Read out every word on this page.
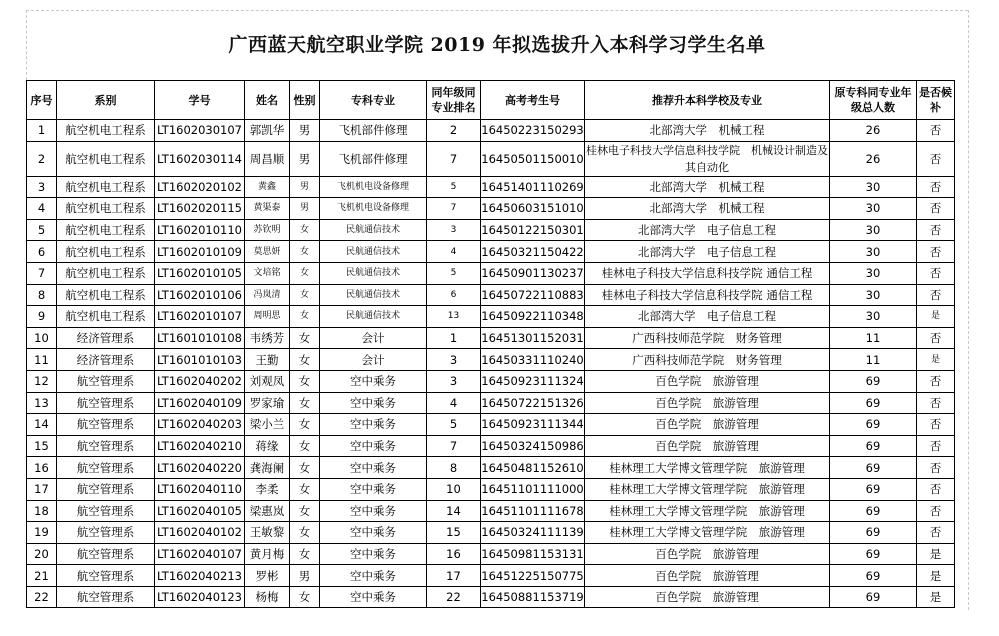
广西蓝天航空职业学院 2019 年拟选拔升入本科学习学生名单
序号	系别	学号	姓名	性别	专科专业	同年级同专业排名	高考考生号	推荐升本科学校及专业	原专科同专业年级总人数	是否候补
1	航空机电工程系	LT1602030107	郭凯华	男	飞机部件修理	2	16450223150293	北部湾大学　机械工程	26	否
2	航空机电工程系	LT1602030114	周昌顺	男	飞机部件修理	7	16450501150010	桂林电子科技大学信息科技学院　机械设计制造及其自动化	26	否
3	航空机电工程系	LT1602020102	黄鑫	男	飞机机电设备修理	5	16451401110269	北部湾大学　机械工程	30	否
4	航空机电工程系	LT1602020115	黄渠泰	男	飞机机电设备修理	7	16450603151010	北部湾大学　机械工程	30	否
5	航空机电工程系	LT1602010110	苏钦明	女	民航通信技术	3	16450122150301	北部湾大学　电子信息工程	30	否
6	航空机电工程系	LT1602010109	莫思妍	女	民航通信技术	4	16450321150422	北部湾大学　电子信息工程	30	否
7	航空机电工程系	LT1602010105	文培铭	女	民航通信技术	5	16450901130237	桂林电子科技大学信息科技学院 通信工程	30	否
8	航空机电工程系	LT1602010106	冯岚清	女	民航通信技术	6	16450722110883	桂林电子科技大学信息科技学院 通信工程	30	否
9	航空机电工程系	LT1602010107	周明思	女	民航通信技术	13	16450922110348	北部湾大学　电子信息工程	30	是
10	经济管理系	LT1601010108	韦绣芳	女	会计	1	16451301152031	广西科技师范学院　财务管理	11	否
11	经济管理系	LT1601010103	王勤	女	会计	3	16450331110240	广西科技师范学院　财务管理	11	是
12	航空管理系	LT1602040202	刘观凤	女	空中乘务	3	16450923111324	百色学院　旅游管理	69	否
13	航空管理系	LT1602040109	罗家瑜	女	空中乘务	4	16450722151326	百色学院　旅游管理	69	否
14	航空管理系	LT1602040203	梁小兰	女	空中乘务	5	16450923111344	百色学院　旅游管理	69	否
15	航空管理系	LT1602040210	蒋缘	女	空中乘务	7	16450324150986	百色学院　旅游管理	69	否
16	航空管理系	LT1602040220	龚海阑	女	空中乘务	8	16450481152610	桂林理工大学博文管理学院　旅游管理	69	否
17	航空管理系	LT1602040110	李柔	女	空中乘务	10	16451101111000	桂林理工大学博文管理学院　旅游管理	69	否
18	航空管理系	LT1602040105	梁惠岚	女	空中乘务	14	16451101111678	桂林理工大学博文管理学院　旅游管理	69	否
19	航空管理系	LT1602040102	王敏黎	女	空中乘务	15	16450324111139	桂林理工大学博文管理学院　旅游管理	69	否
20	航空管理系	LT1602040107	黄月梅	女	空中乘务	16	16450981153131	百色学院　旅游管理	69	是
21	航空管理系	LT1602040213	罗彬	男	空中乘务	17	16451225150775	百色学院　旅游管理	69	是
22	航空管理系	LT1602040123	杨梅	女	空中乘务	22	16450881153719	百色学院　旅游管理	69	是
